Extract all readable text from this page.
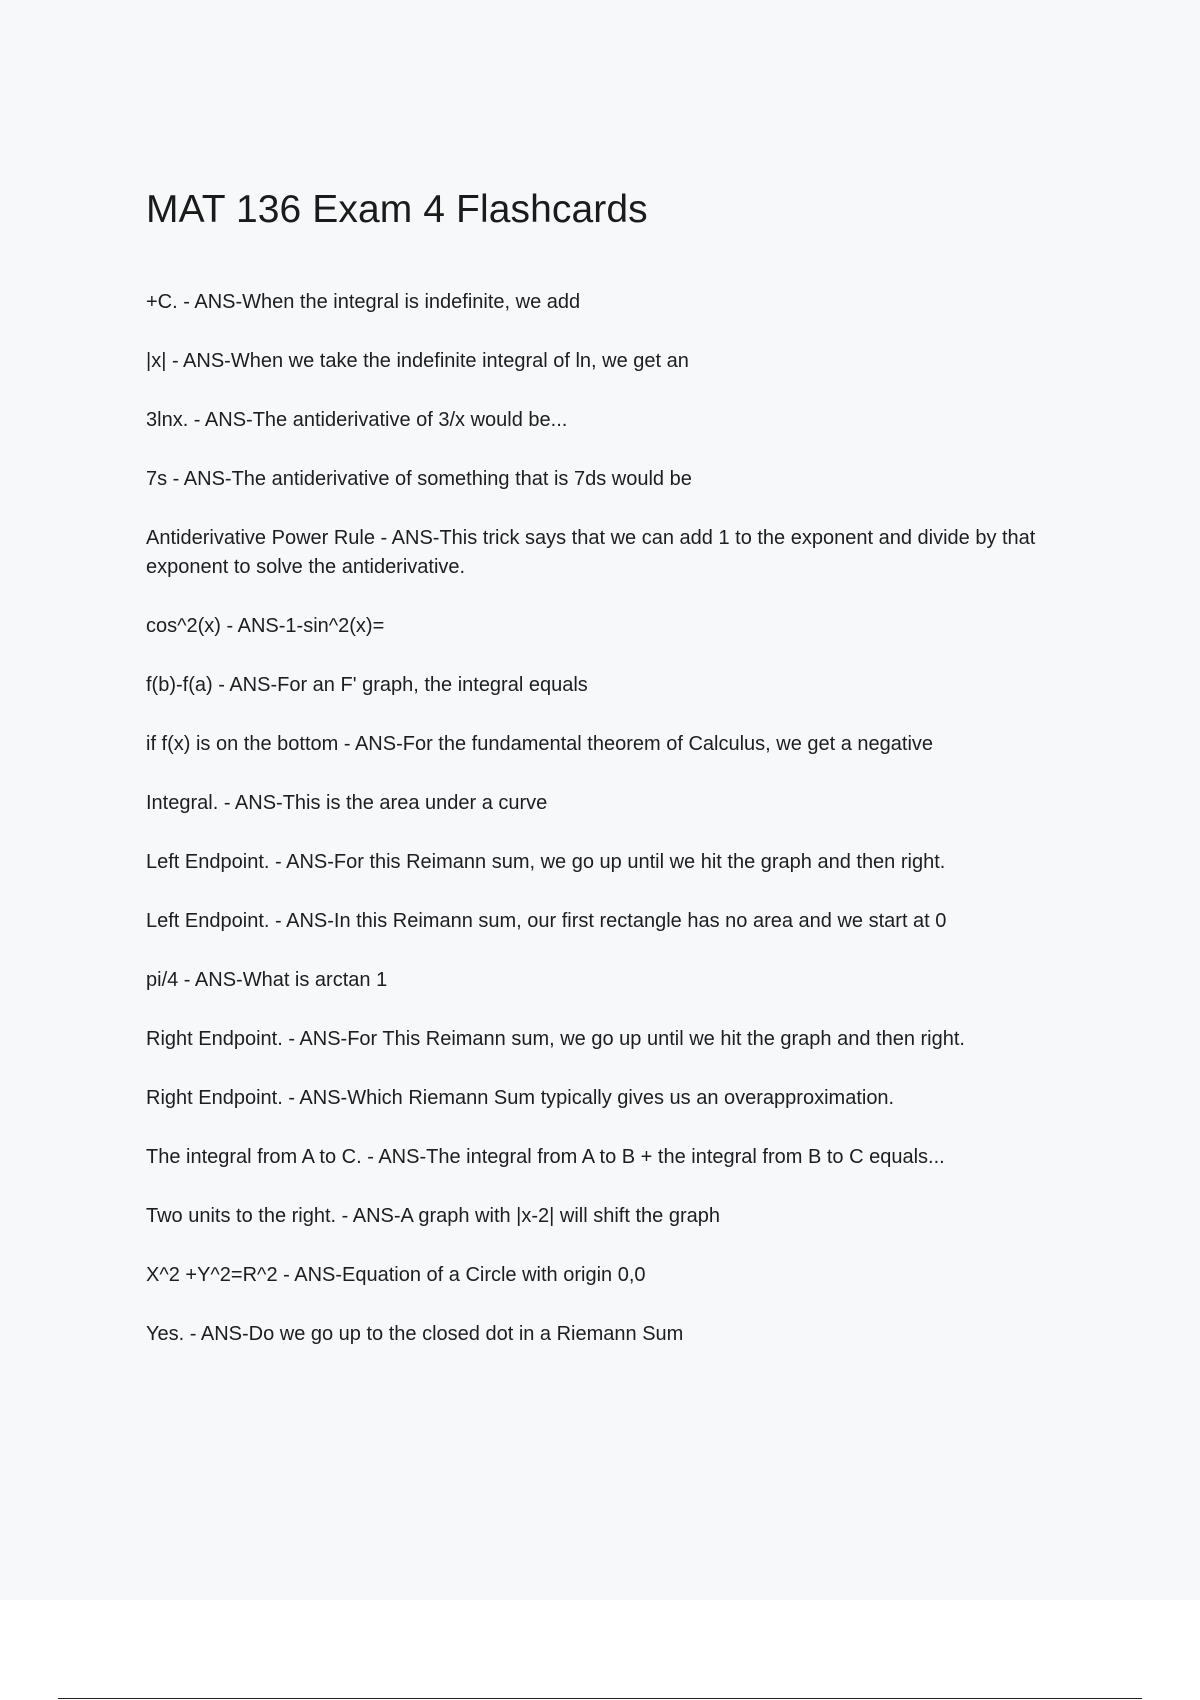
MAT 136 Exam 4 Flashcards
+C. - ANS-When the integral is indefinite, we add
|x| - ANS-When we take the indefinite integral of ln, we get an
3lnx. - ANS-The antiderivative of 3/x would be...
7s - ANS-The antiderivative of something that is 7ds would be
Antiderivative Power Rule - ANS-This trick says that we can add 1 to the exponent and divide by that exponent to solve the antiderivative.
cos^2(x) - ANS-1-sin^2(x)=
f(b)-f(a) - ANS-For an F' graph, the integral equals
if f(x) is on the bottom - ANS-For the fundamental theorem of Calculus, we get a negative
Integral. - ANS-This is the area under a curve
Left Endpoint. - ANS-For this Reimann sum, we go up until we hit the graph and then right.
Left Endpoint. - ANS-In this Reimann sum, our first rectangle has no area and we start at 0
pi/4 - ANS-What is arctan 1
Right Endpoint. - ANS-For This Reimann sum, we go up until we hit the graph and then right.
Right Endpoint. - ANS-Which Riemann Sum typically gives us an overapproximation.
The integral from A to C. - ANS-The integral from A to B + the integral from B to C equals...
Two units to the right. - ANS-A graph with |x-2| will shift the graph
X^2 +Y^2=R^2 - ANS-Equation of a Circle with origin 0,0
Yes. - ANS-Do we go up to the closed dot in a Riemann Sum
